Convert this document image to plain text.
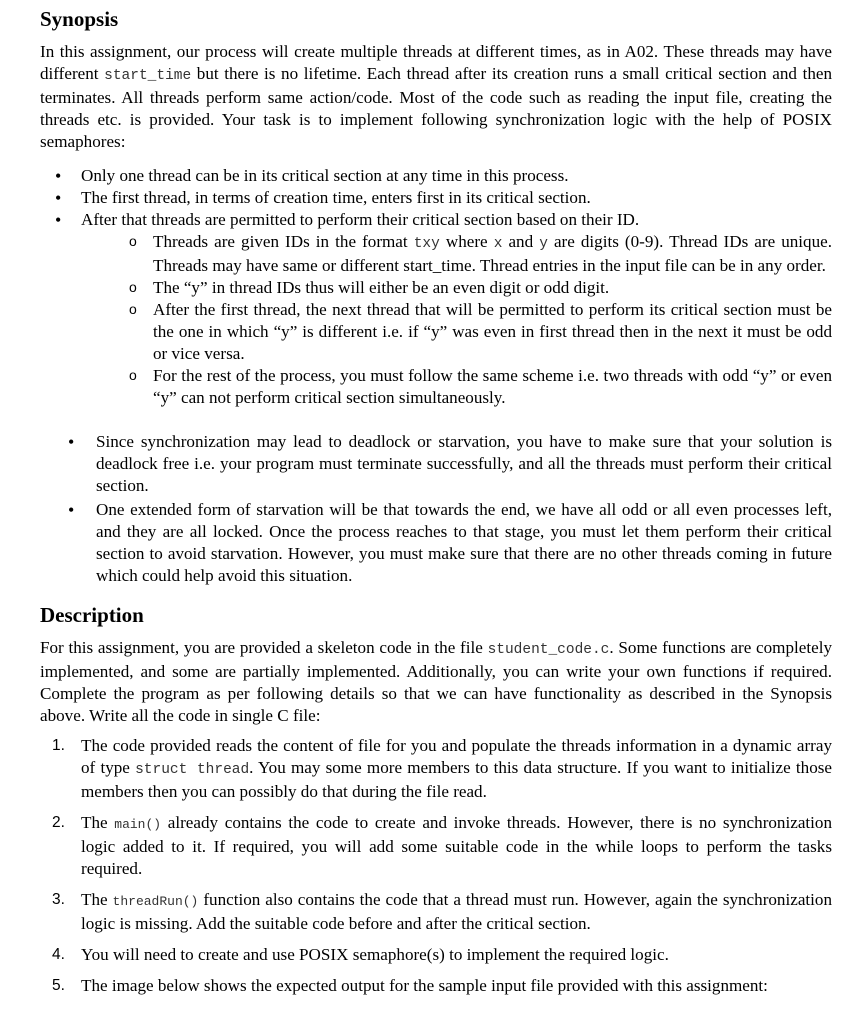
Synopsis

In this assignment, our process will create multiple threads at different times, as in A02. These threads may have different start_time but there is no lifetime. Each thread after its creation runs a small critical section and then terminates. All threads perform same action/code. Most of the code such as reading the input file, creating the threads etc. is provided. Your task is to implement following synchronization logic with the help of POSIX semaphores:

• Only one thread can be in its critical section at any time in this process.
• The first thread, in terms of creation time, enters first in its critical section.
• After that threads are permitted to perform their critical section based on their ID.
o Threads are given IDs in the format txy where x and y are digits (0-9). Thread IDs are unique. Threads may have same or different start_time. Thread entries in the input file can be in any order.
o The “y” in thread IDs thus will either be an even digit or odd digit.
o After the first thread, the next thread that will be permitted to perform its critical section must be the one in which “y” is different i.e. if “y” was even in first thread then in the next it must be odd or vice versa.
o For the rest of the process, you must follow the same scheme i.e. two threads with odd “y” or even “y” can not perform critical section simultaneously.
• Since synchronization may lead to deadlock or starvation, you have to make sure that your solution is deadlock free i.e. your program must terminate successfully, and all the threads must perform their critical section.
• One extended form of starvation will be that towards the end, we have all odd or all even processes left, and they are all locked. Once the process reaches to that stage, you must let them perform their critical section to avoid starvation. However, you must make sure that there are no other threads coming in future which could help avoid this situation.
Description

For this assignment, you are provided a skeleton code in the file student_code.c. Some functions are completely implemented, and some are partially implemented. Additionally, you can write your own functions if required. Complete the program as per following details so that we can have functionality as described in the Synopsis above. Write all the code in single C file:

1. The code provided reads the content of file for you and populate the threads information in a dynamic array of type struct thread. You may some more members to this data structure. If you want to initialize those members then you can possibly do that during the file read.
2. The main() already contains the code to create and invoke threads. However, there is no synchronization logic added to it. If required, you will add some suitable code in the while loops to perform the tasks required.
3. The threadRun() function also contains the code that a thread must run. However, again the synchronization logic is missing. Add the suitable code before and after the critical section.
4. You will need to create and use POSIX semaphore(s) to implement the required logic.
5. The image below shows the expected output for the sample input file provided with this assignment:
